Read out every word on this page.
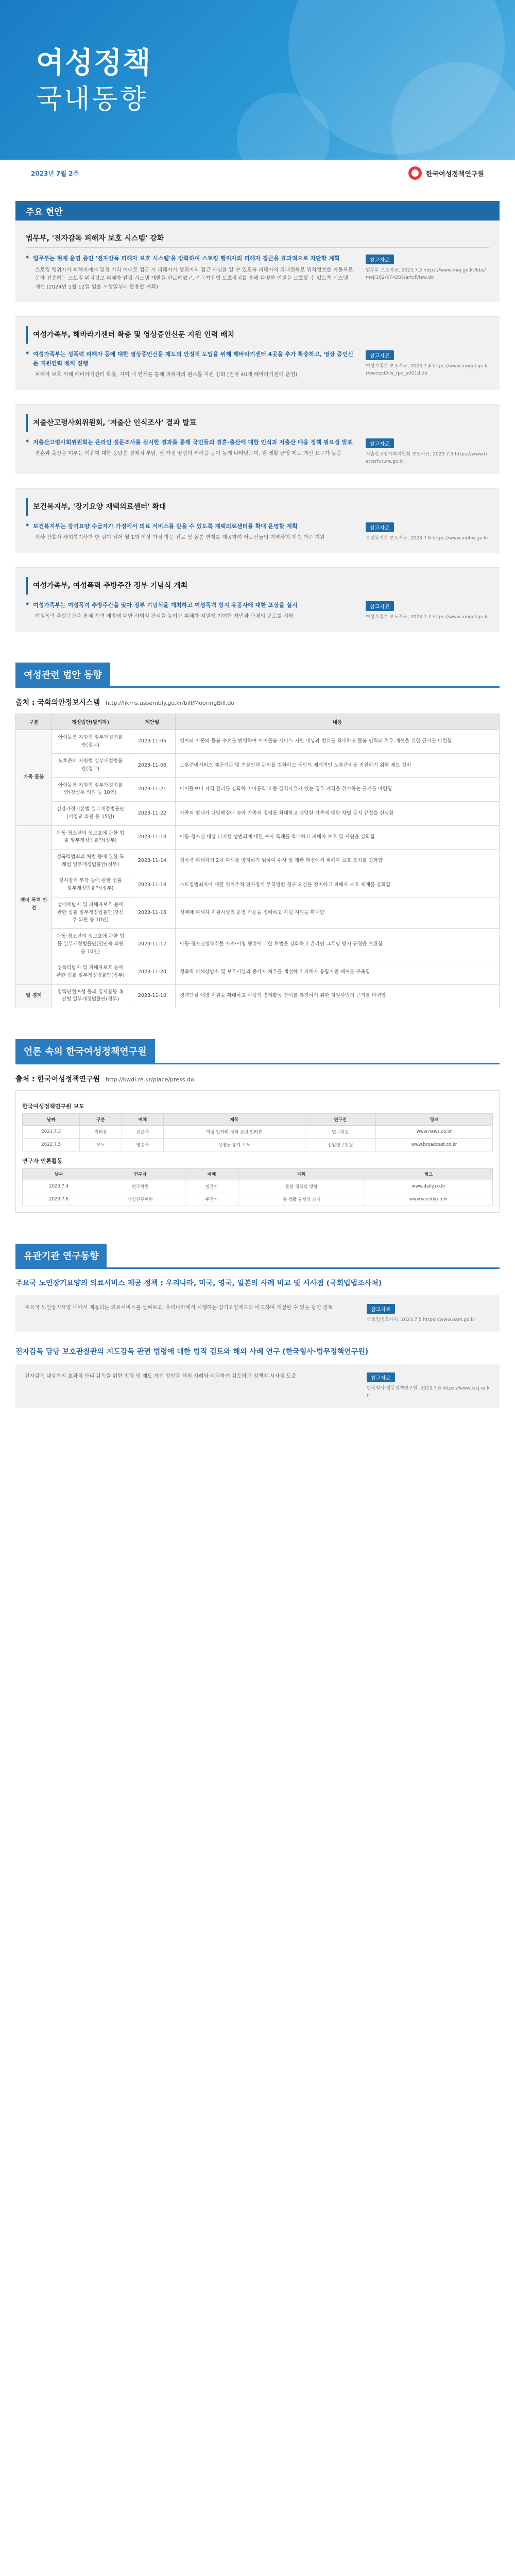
여성정책
국내동향
2023년 7월 2주	한국여성정책연구원
주요 현안
법무부, '전자감독 피해자 보호 시스템' 강화
◆ 법무부는 현재 운영 중인 '전자감독 피해자 보호 시스템'을 강화하여 스토킹 행위자의 피해자 접근을 효과적으로 차단할 계획
스토킹 행위자가 피해자에게 일정 거리 이내로 접근 시 피해자가 행위자의 접근 사실을 알 수 있도록 피해자의 휴대전화로 위치정보를 자동으로 문자 전송하는 스토킹 위치정보 피해자 알림 시스템 개발을 완료하였고, 손목착용형 보호장치를 통해 다양한 인원을 보호할 수 있도록 시스템 개선 (2024년 1월 12일 법률 시행일부터 활용할 계획)
참고자료
법무부 보도자료, 2023.7.3 https://www.moj.go.kr/bbs/moj/182/574283/artclView.do
여성가족부, 해바라기센터 확충 및 영상증인신문 지원 인력 배치
◆ 여성가족부는 성폭력 피해자 등에 대한 영상증언신문 제도의 안정적 도입을 위해 해바라기센터 4곳을 추가 확충하고, 영상 증인신문 지원인력 배치 진행
피해자 보호 위해 해바라기센터 확충, 지역 내 연계를 통해 피해자의 원스톱 지원 강화 (전국 40개 해바라기센터 운영)
참고자료
여성가족부 보도자료, 2023.7.4 https://www.mogef.go.kr/nw/rpd/nw_rpd_s001d.do
저출산고령사회위원회, '저출산 인식조사' 결과 발표
◆ 저출산고령사회위원회는 온라인 설문조사를 실시한 결과를 통해 국민들의 결혼·출산에 대한 인식과 저출산 대응 정책 필요성 발표
결혼과 출산을 미루는 이유에 대한 응답은 경제적 부담, 일·가정 양립의 어려움 등이 높게 나타났으며, 일·생활 균형 제도 개선 요구가 높음
참고자료
저출산고령사회위원회 보도자료, 2023.7.5 https://www.betterfuture.go.kr
보건복지부, '장기요양 재택의료센터' 확대
◆ 보건복지부는 장기요양 수급자가 가정에서 의료 서비스를 받을 수 있도록 재택의료센터를 확대 운영할 계획
의사·간호사·사회복지사가 한 팀이 되어 월 1회 이상 가정 방문 진료 및 돌봄 연계를 제공하여 어르신들의 지역사회 계속 거주 지원
참고자료
보건복지부 보도자료, 2023.7.6 https://www.mohw.go.kr
여성가족부, 여성폭력 추방주간 정부 기념식 개최
◆ 여성가족부는 여성폭력 추방주간을 맞아 정부 기념식을 개최하고 여성폭력 방지 유공자에 대한 포상을 실시
여성폭력 추방주간을 통해 폭력 예방에 대한 사회적 관심을 높이고 피해자 지원에 기여한 개인과 단체의 공로를 치하
참고자료
여성가족부 보도자료, 2023.7.7 https://www.mogef.go.kr
여성관련 법안 동향
출처 : 국회의안정보시스템 http://likms.assembly.go.kr/bill/MooringBill.do
구분	개정법안(발의자)	제안일	내용
가족 돌봄	아이돌봄 지원법 일부개정법률안(정부)	2023-11-06	영아와 아동의 돌봄 수요를 반영하여 아이돌봄 서비스 지원 대상과 범위를 확대하고 돌봄 인력의 처우 개선을 위한 근거를 마련함
	노후준비 지원법 일부개정법률안(정부)	2023-11-06	노후준비서비스 제공기관 및 전문인력 관리를 강화하고 국민의 체계적인 노후준비를 지원하기 위한 제도 정비
	아이돌봄 지원법 일부개정법률안(강선우 의원 등 10인)	2023-11-21	아이돌보미 자격 관리를 강화하고 아동학대 등 결격사유가 있는 경우 자격을 취소하는 근거를 마련함
	건강가정기본법 일부개정법률안(서영교 의원 등 15인)	2023-11-22	가족의 형태가 다양해짐에 따라 가족의 정의를 확대하고 다양한 가족에 대한 차별 금지 규정을 신설함
젠더 폭력 안전	아동·청소년의 성보호에 관한 법률 일부개정법률안(정부)	2023-11-14	아동·청소년 대상 디지털 성범죄에 대한 수사 특례를 확대하고 피해자 보호 및 지원을 강화함
	성폭력범죄의 처벌 등에 관한 특례법 일부개정법률안(정부)	2023-11-14	성폭력 피해자의 2차 피해를 방지하기 위하여 수사 및 재판 과정에서 피해자 보호 조치를 강화함
	전자장치 부착 등에 관한 법률 일부개정법률안(정부)	2023-11-14	스토킹범죄자에 대한 위치추적 전자장치 부착명령 청구 요건을 정비하고 피해자 보호 체계를 강화함
	성매매방지 및 피해자보호 등에 관한 법률 일부개정법률안(강선우 의원 등 10인)	2023-11-16	성매매 피해자 지원시설의 운영 기준을 정비하고 자립 지원을 확대함
	아동·청소년의 성보호에 관한 법률 일부개정법률안(권인숙 의원 등 10인)	2023-11-17	아동·청소년성착취물 소지·시청 행위에 대한 처벌을 강화하고 온라인 그루밍 방지 규정을 보완함
	성폭력방지 및 피해자보호 등에 관한 법률 일부개정법률안(정부)	2023-11-20	성폭력 피해상담소 및 보호시설의 종사자 처우를 개선하고 피해자 통합지원 체계를 구축함
일 경제	경력단절여성 등의 경제활동 촉진법 일부개정법률안(정부)	2023-11-10	경력단절 예방 지원을 확대하고 여성의 경제활동 참여를 촉진하기 위한 지원사업의 근거를 마련함
언론 속의 한국여성정책연구원
출처 : 한국여성정책연구원 http://kwdi.re.kr/place/press.do
한국여성정책연구원 보도
날짜	구분	매체	제목	연구진	링크
2023.7.3	인터뷰	신문사	여성 일자리 정책 관련 인터뷰	연구위원	www.news.co.kr
2023.7.5	보도	방송사	성평등 통계 보도	선임연구위원	www.broadcast.co.kr
연구자 언론활동
날짜	연구자	매체	제목	링크
2023.7.4	연구위원	일간지	돌봄 정책의 방향	www.daily.co.kr
2023.7.6	선임연구위원	주간지	일·생활 균형의 과제	www.weekly.co.kr
유관기관 연구동향
주요국 노인장기요양의 의료서비스 제공 정책 : 우리나라, 미국, 영국, 일본의 사례 비교 및 시사점 (국회입법조사처)
주요국 노인장기요양 내에서 제공되는 의료서비스를 살펴보고, 우리나라에서 시행하는 장기요양제도와 비교하여 개선할 수 있는 방안 검토	참고자료
국회입법조사처, 2023.7.5 https://www.nars.go.kr
전자감독 담당 보호관찰관의 지도감독 관련 법령에 대한 법적 검토와 해외 사례 연구 (한국형사·법무정책연구원)
전자감독 대상자의 효과적 관리 감독을 위한 법령 및 제도 개선 방안을 해외 사례와 비교하여 검토하고 정책적 시사점 도출	참고자료
한국형사·법무정책연구원, 2023.7.6 https://www.kicj.re.kr
